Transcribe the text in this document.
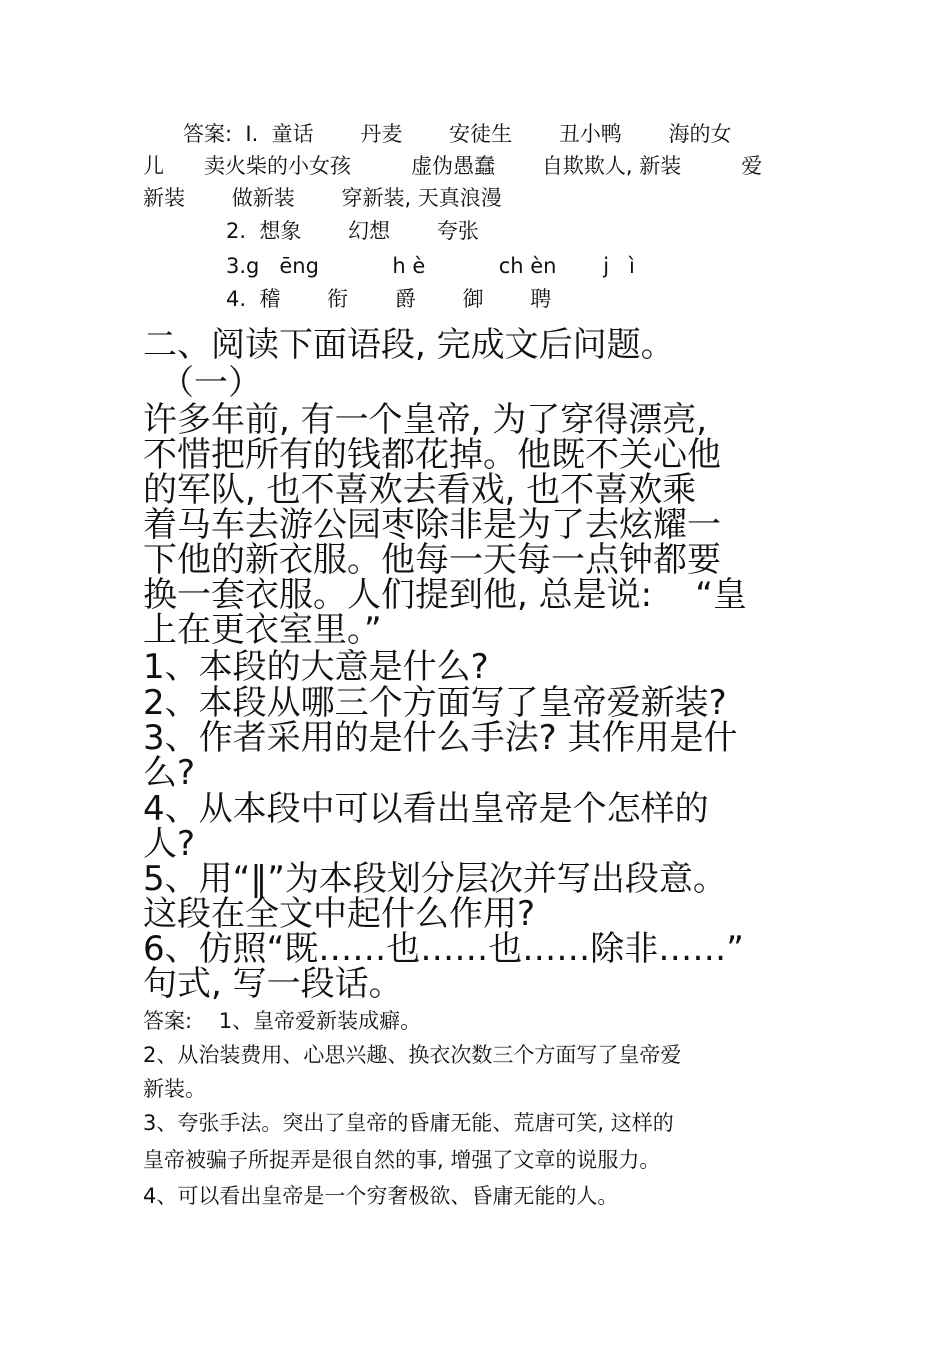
答案:  I.  童话       丹麦       安徒生       丑小鸭       海的女
儿      卖火柴的小女孩         虚伪愚蠢       自欺欺人, 新装         爱
新装       做新装       穿新装, 天真浪漫
2.  想象       幻想       夸张
3.g   ēng           h è           ch èn       j   ì
4.  稽       衔       爵       御       聘
二、阅读下面语段, 完成文后问题。
（一）
许多年前, 有一个皇帝, 为了穿得漂亮,
不惜把所有的钱都花掉。他既不关心他
的军队, 也不喜欢去看戏, 也不喜欢乘
着马车去游公园枣除非是为了去炫耀一
下他的新衣服。他每一天每一点钟都要
换一套衣服。人们提到他, 总是说:    “皇
上在更衣室里。”
1、本段的大意是什么?
2、本段从哪三个方面写了皇帝爱新装?
3、作者采用的是什么手法? 其作用是什
么?
4、从本段中可以看出皇帝是个怎样的
人?
5、用“‖”为本段划分层次并写出段意。
这段在全文中起什么作用?
6、仿照“既……也……也……除非……”
句式, 写一段话。
答案:    1、皇帝爱新装成癖。
2、从治装费用、心思兴趣、换衣次数三个方面写了皇帝爱
新装。
3、夸张手法。突出了皇帝的昏庸无能、荒唐可笑, 这样的
皇帝被骗子所捉弄是很自然的事, 增强了文章的说服力。
4、可以看出皇帝是一个穷奢极欲、昏庸无能的人。
